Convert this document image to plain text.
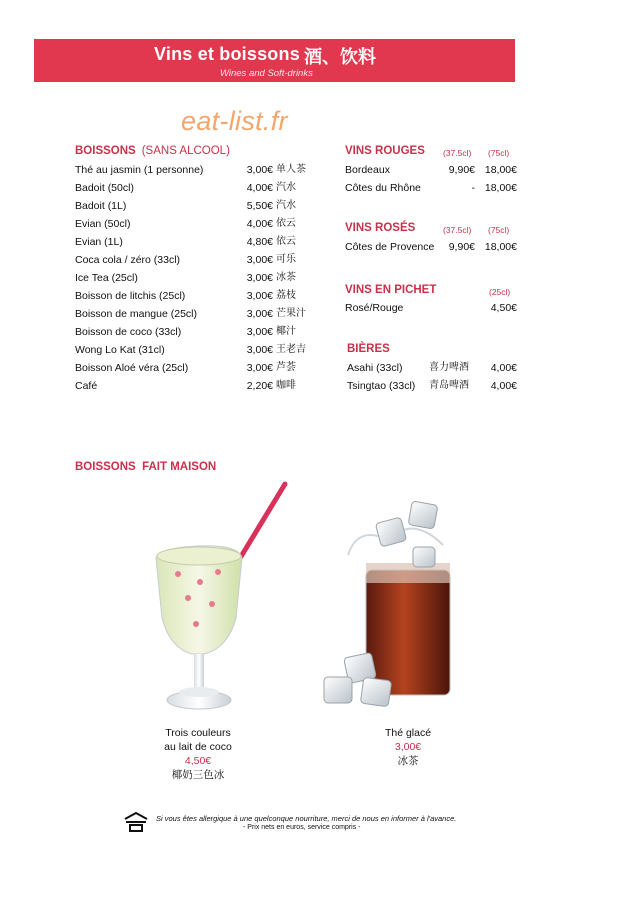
Vins et boissons 酒、饮料
Wines and Soft-drinks
eat-list.fr
BOISSONS (SANS ALCOOL)
Thé au jasmin (1 personne)	3,00€ 单人茶
Badoit (50cl)	4,00€ 汽水
Badoit (1L)	5,50€ 汽水
Evian (50cl)	4,00€ 依云
Evian (1L)	4,80€ 依云
Coca cola / zéro (33cl)	3,00€ 可乐
Ice Tea (25cl)	3,00€ 冰茶
Boisson de litchis (25cl)	3,00€ 荔枝
Boisson de mangue (25cl)	3,00€ 芒果汁
Boisson de coco (33cl)	3,00€ 椰汁
Wong Lo Kat (31cl)	3,00€ 王老吉
Boisson Aloé véra (25cl)	3,00€ 芦荟
Café	2,20€ 咖啡
VINS ROUGES (37.5cl) (75cl)
Bordeaux	9,90€ 18,00€
Côtes du Rhône	- 18,00€
VINS ROSÉS	(37.5cl) (75cl)
Côtes de Provence	9,90€ 18,00€
VINS EN PICHET	(25cl)
Rosé/Rouge	4,50€
BIÈRES
Asahi (33cl)	喜力啤酒	4,00€
Tsingtao (33cl) 青岛啤酒	4,00€
BOISSONS  FAIT MAISON
Trois couleurs
au lait de coco
4,50€
椰奶三色冰
Thé glacé
3,00€
冰茶
Si vous êtes allergique à une quelconque nourriture, merci de nous en informer à l'avance.
- Prix nets en euros, service compris -
